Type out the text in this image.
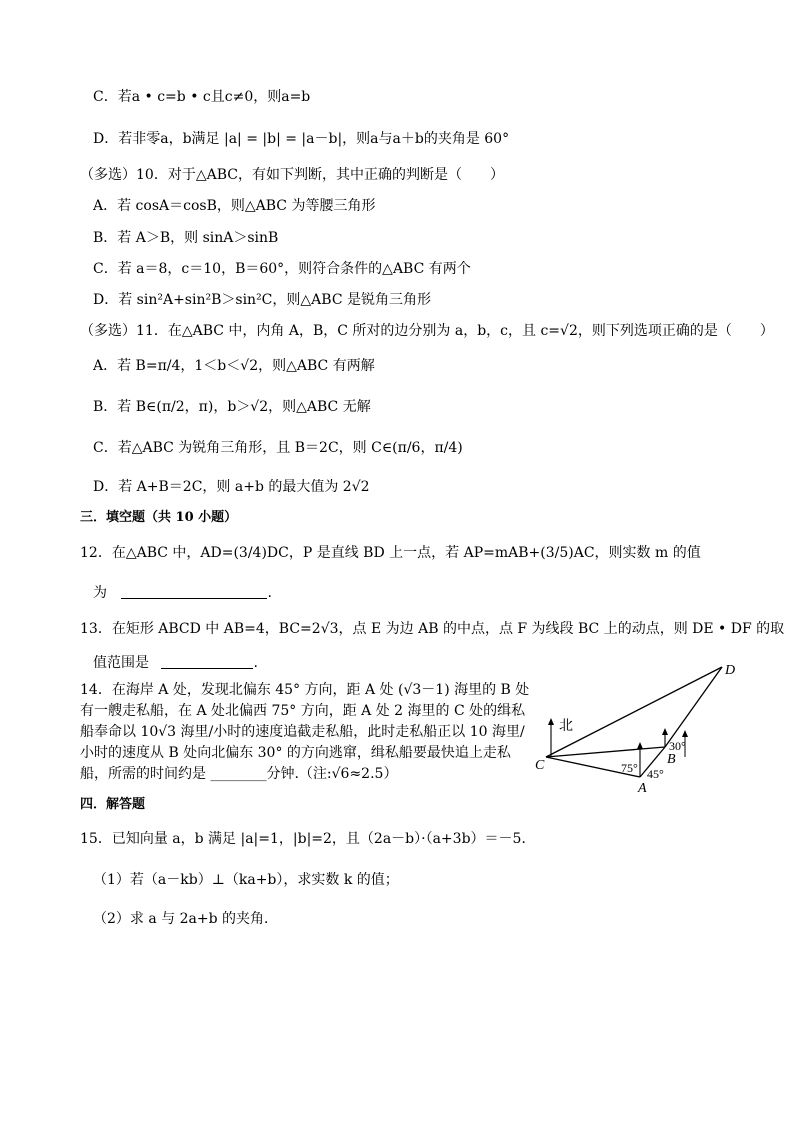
C．若a • c=b • c且c≠0，则a=b
D．若非零a，b满足 |a| = |b| = |a－b|，则a与a＋b的夹角是 60°
（多选）10．对于△ABC，有如下判断，其中正确的判断是（　　）
A．若 cosA＝cosB，则△ABC 为等腰三角形
B．若 A＞B，则 sinA＞sinB
C．若 a＝8，c＝10，B＝60°，则符合条件的△ABC 有两个
D．若 sin²A+sin²B＞sin²C，则△ABC 是锐角三角形
（多选）11．在△ABC 中，内角 A，B，C 所对的边分别为 a，b，c，且 c=√2，则下列选项正确的是（　　）
A．若 B=π/4，1＜b＜√2，则△ABC 有两解
B．若 B∈(π/2，π)，b＞√2，则△ABC 无解
C．若△ABC 为锐角三角形，且 B＝2C，则 C∈(π/6，π/4)
D．若 A+B＝2C，则 a+b 的最大值为 2√2
三．填空题（共 10 小题）
12．在△ABC 中，AD=(3/4)DC，P 是直线 BD 上一点，若 AP=mAB+(3/5)AC，则实数 m 的值
为	.
13．在矩形 ABCD 中 AB=4，BC=2√3，点 E 为边 AB 的中点，点 F 为线段 BC 上的动点，则 DE • DF 的取
值范围是	.
14．在海岸 A 处，发现北偏东 45° 方向，距 A 处 (√3－1) 海里的 B 处有一艘走私船，在 A 处北偏西 75° 方向，距 A 处 2 海里的 C 处的缉私船奉命以 10√3 海里/小时的速度追截走私船，此时走私船正以 10 海里/小时的速度从 B 处向北偏东 30° 的方向逃窜，缉私船要最快追上走私船，所需的时间约是 ________分钟.（注:√6≈2.5）
北
C
A
B
D
75° 45°
30°
四．解答题
15．已知向量 a，b 满足 |a|=1，|b|=2，且（2a－b）·（a+3b）＝－5．
（1）若（a－kb）⊥（ka+b），求实数 k 的值；
（2）求 a 与 2a+b 的夹角．
